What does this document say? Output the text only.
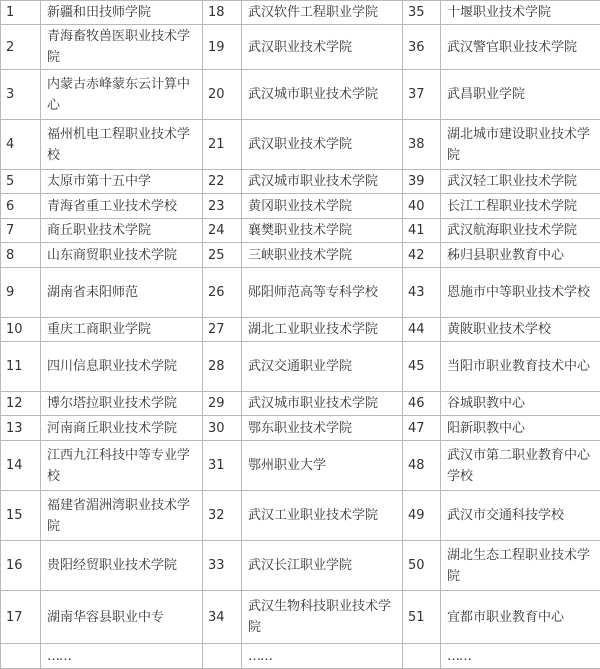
1	新疆和田技师学院	18	武汉软件工程职业学院	35	十堰职业技术学院
2	青海畜牧兽医职业技术学院	19	武汉职业技术学院	36	武汉警官职业技术学院
3	内蒙古赤峰蒙东云计算中心	20	武汉城市职业技术学院	37	武昌职业学院
4	福州机电工程职业技术学校	21	武汉职业技术学院	38	湖北城市建设职业技术学院
5	太原市第十五中学	22	武汉城市职业技术学院	39	武汉轻工职业技术学院
6	青海省重工业技术学校	23	黄冈职业技术学院	40	长江工程职业技术学院
7	商丘职业技术学院	24	襄樊职业技术学院	41	武汉航海职业技术学院
8	山东商贸职业技术学院	25	三峡职业技术学院	42	秭归县职业教育中心
9	湖南省耒阳师范	26	郧阳师范高等专科学校	43	恩施市中等职业技术学校
10	重庆工商职业学院	27	湖北工业职业技术学院	44	黄陂职业技术学校
11	四川信息职业技术学院	28	武汉交通职业学院	45	当阳市职业教育技术中心
12	博尔塔拉职业技术学院	29	武汉城市职业技术学院	46	谷城职教中心
13	河南商丘职业技术学院	30	鄂东职业技术学院	47	阳新职教中心
14	江西九江科技中等专业学校	31	鄂州职业大学	48	武汉市第二职业教育中心学校
15	福建省湄洲湾职业技术学院	32	武汉工业职业技术学院	49	武汉市交通科技学校
16	贵阳经贸职业技术学院	33	武汉长江职业学院	50	湖北生态工程职业技术学院
17	湖南华容县职业中专	34	武汉生物科技职业技术学院	51	宜都市职业教育中心
	……		……		……
